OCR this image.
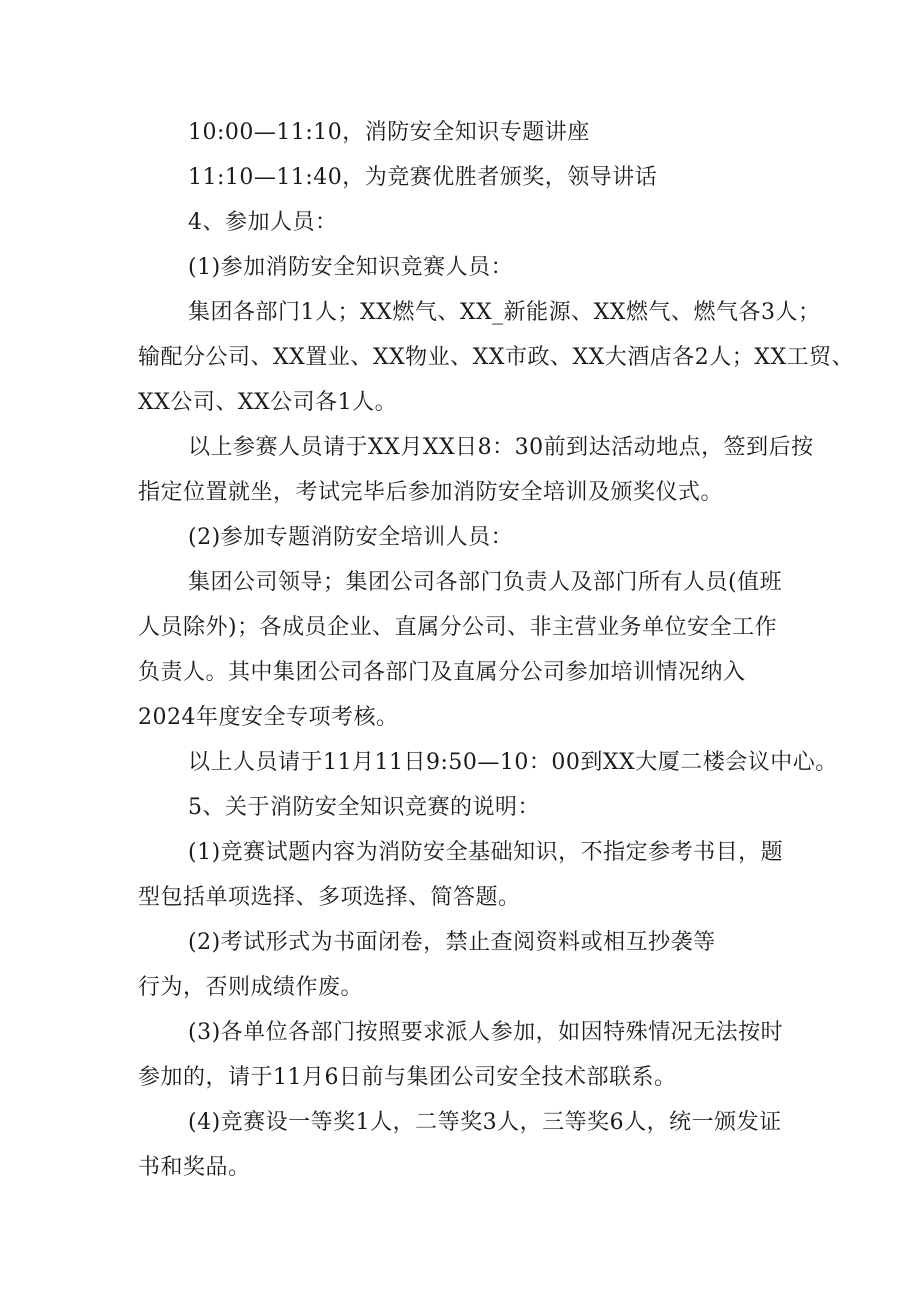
10:00—11:10，消防安全知识专题讲座
11:10—11:40，为竞赛优胜者颁奖，领导讲话
4、参加人员：
(1)参加消防安全知识竞赛人员：
集团各部门1人；XX燃气、XX_新能源、XX燃气、燃气各3人；
输配分公司、XX置业、XX物业、XX市政、XX大酒店各2人；XX工贸、
XX公司、XX公司各1人。
以上参赛人员请于XX月XX日8：30前到达活动地点，签到后按
指定位置就坐，考试完毕后参加消防安全培训及颁奖仪式。
(2)参加专题消防安全培训人员：
集团公司领导；集团公司各部门负责人及部门所有人员(值班
人员除外)；各成员企业、直属分公司、非主营业务单位安全工作
负责人。其中集团公司各部门及直属分公司参加培训情况纳入
2024年度安全专项考核。
以上人员请于11月11日9:50—10：00到XX大厦二楼会议中心。
5、关于消防安全知识竞赛的说明：
(1)竞赛试题内容为消防安全基础知识，不指定参考书目，题
型包括单项选择、多项选择、简答题。
(2)考试形式为书面闭卷，禁止查阅资料或相互抄袭等
行为，否则成绩作废。
(3)各单位各部门按照要求派人参加，如因特殊情况无法按时
参加的，请于11月6日前与集团公司安全技术部联系。
(4)竞赛设一等奖1人，二等奖3人，三等奖6人，统一颁发证
书和奖品。
